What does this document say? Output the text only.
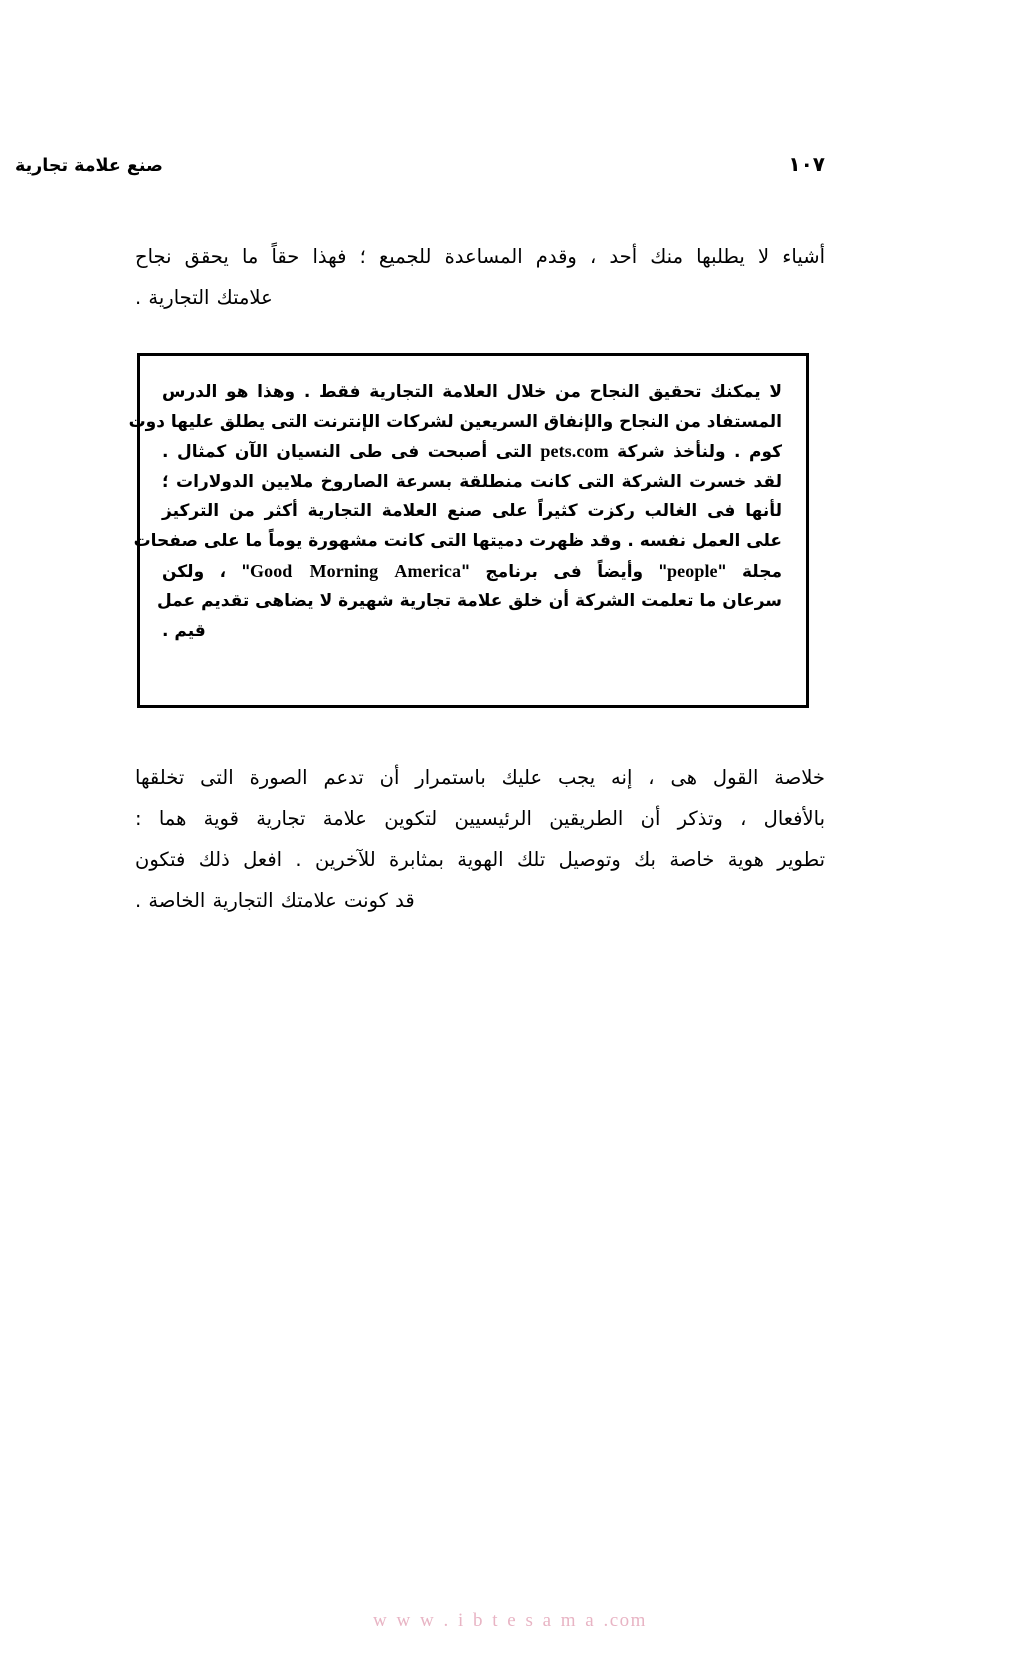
صنع علامة تجارية	١٠٧
أشياء لا يطلبها منك أحد ، وقدم المساعدة للجميع ؛ فهذا حقاً ما يحقق نجاح
علامتك التجارية .
لا يمكنك تحقيق النجاح من خلال العلامة التجارية فقط . وهذا هو الدرس
المستفاد من النجاح والإنفاق السريعين لشركات الإنترنت التى يطلق عليها دوت
كوم . ولنأخذ شركة pets.com التى أصبحت فى طى النسيان الآن كمثال .
لقد خسرت الشركة التى كانت منطلقة بسرعة الصاروخ ملايين الدولارات ؛
لأنها فى الغالب ركزت كثيراً على صنع العلامة التجارية أكثر من التركيز
على العمل نفسه . وقد ظهرت دميتها التى كانت مشهورة يوماً ما على صفحات
مجلة "people" وأيضاً فى برنامج "Good Morning America" ، ولكن
سرعان ما تعلمت الشركة أن خلق علامة تجارية شهيرة لا يضاهى تقديم عمل
قيم .
خلاصة القول هى ، إنه يجب عليك باستمرار أن تدعم الصورة التى تخلقها
بالأفعال ، وتذكر أن الطريقين الرئيسيين لتكوين علامة تجارية قوية هما :
تطوير هوية خاصة بك وتوصيل تلك الهوية بمثابرة للآخرين . افعل ذلك فتكون
قد كونت علامتك التجارية الخاصة .
w w w . i b t e s a m a .com
